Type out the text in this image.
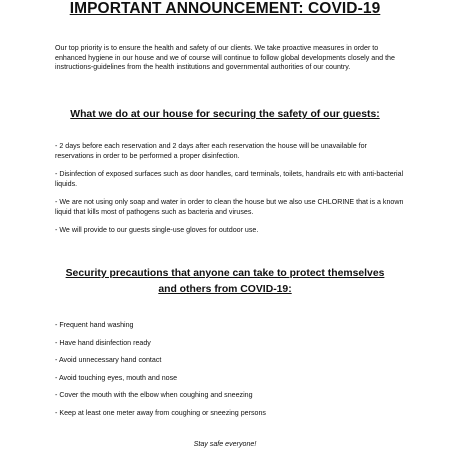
IMPORTANT ANNOUNCEMENT: COVID-19

Our top priority is to ensure the health and safety of our clients. We take proactive measures in order to enhanced hygiene in our house and we of course will continue to follow global developments closely and the instructions-guidelines from the health institutions and governmental authorities of our country.

What we do at our house for securing the safety of our guests:

- 2 days before each reservation and 2 days after each reservation the house will be unavailable for reservations in order to be performed a proper disinfection.

- Disinfection of exposed surfaces such as door handles, card terminals, toilets, handrails etc with anti-bacterial liquids.

- We are not using only soap and water in order to clean the house but we also use CHLORINE that is a known liquid that kills most of pathogens such as bacteria and viruses.

- We will provide to our guests single-use gloves for outdoor use.

Security precautions that anyone can take to protect themselves
and others from COVID-19:
- Frequent hand washing
- Have hand disinfection ready
- Avoid unnecessary hand contact
- Avoid touching eyes, mouth and nose
- Cover the mouth with the elbow when coughing and sneezing
- Keep at least one meter away from coughing or sneezing persons

Stay safe everyone!
